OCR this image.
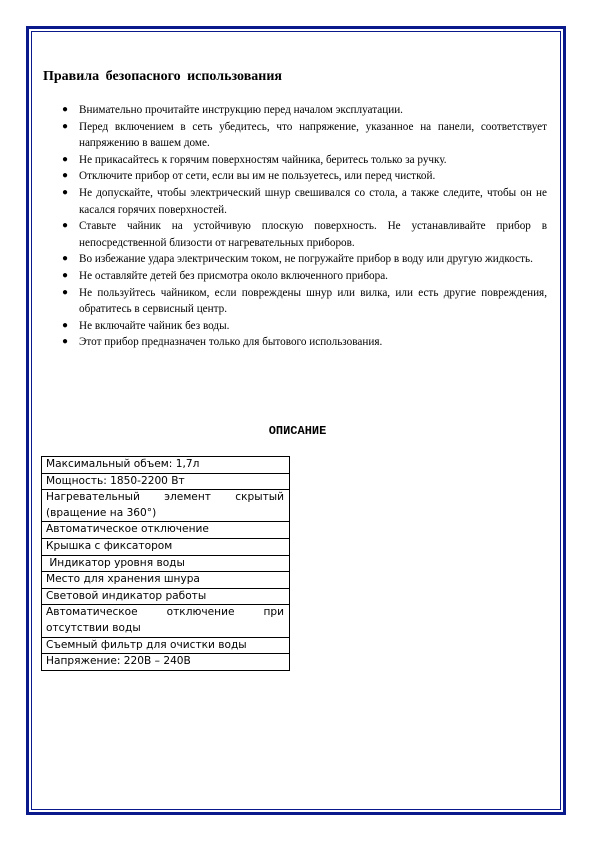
Правила безопасного использования
● Внимательно прочитайте инструкцию перед началом эксплуатации.
● Перед включением в сеть убедитесь, что напряжение, указанное на панели, соответствует напряжению в вашем доме.
● Не прикасайтесь к горячим поверхностям чайника, беритесь только за ручку.
● Отключите прибор от сети, если вы им не пользуетесь, или перед чисткой.
● Не допускайте, чтобы электрический шнур свешивался со стола, а также следите, чтобы он не касался горячих поверхностей.
● Ставьте чайник на устойчивую плоскую поверхность. Не устанавливайте прибор в непосредственной близости от нагревательных приборов.
● Во избежание удара электрическим током, не погружайте прибор в воду или другую жидкость.
● Не оставляйте детей без присмотра около включенного прибора.
● Не пользуйтесь чайником, если повреждены шнур или вилка, или есть другие повреждения, обратитесь в сервисный центр.
● Не включайте чайник без воды.
● Этот прибор предназначен только для бытового использования.
ОПИСАНИЕ
Максимальный объем: 1,7л
Мощность: 1850-2200 Вт
Нагревательный элемент скрытый (вращение на 360°)
Автоматическое отключение
Крышка с фиксатором
Индикатор уровня воды
Место для хранения шнура
Световой индикатор работы
Автоматическое отключение при отсутствии воды
Съемный фильтр для очистки воды
Напряжение: 220В – 240В
